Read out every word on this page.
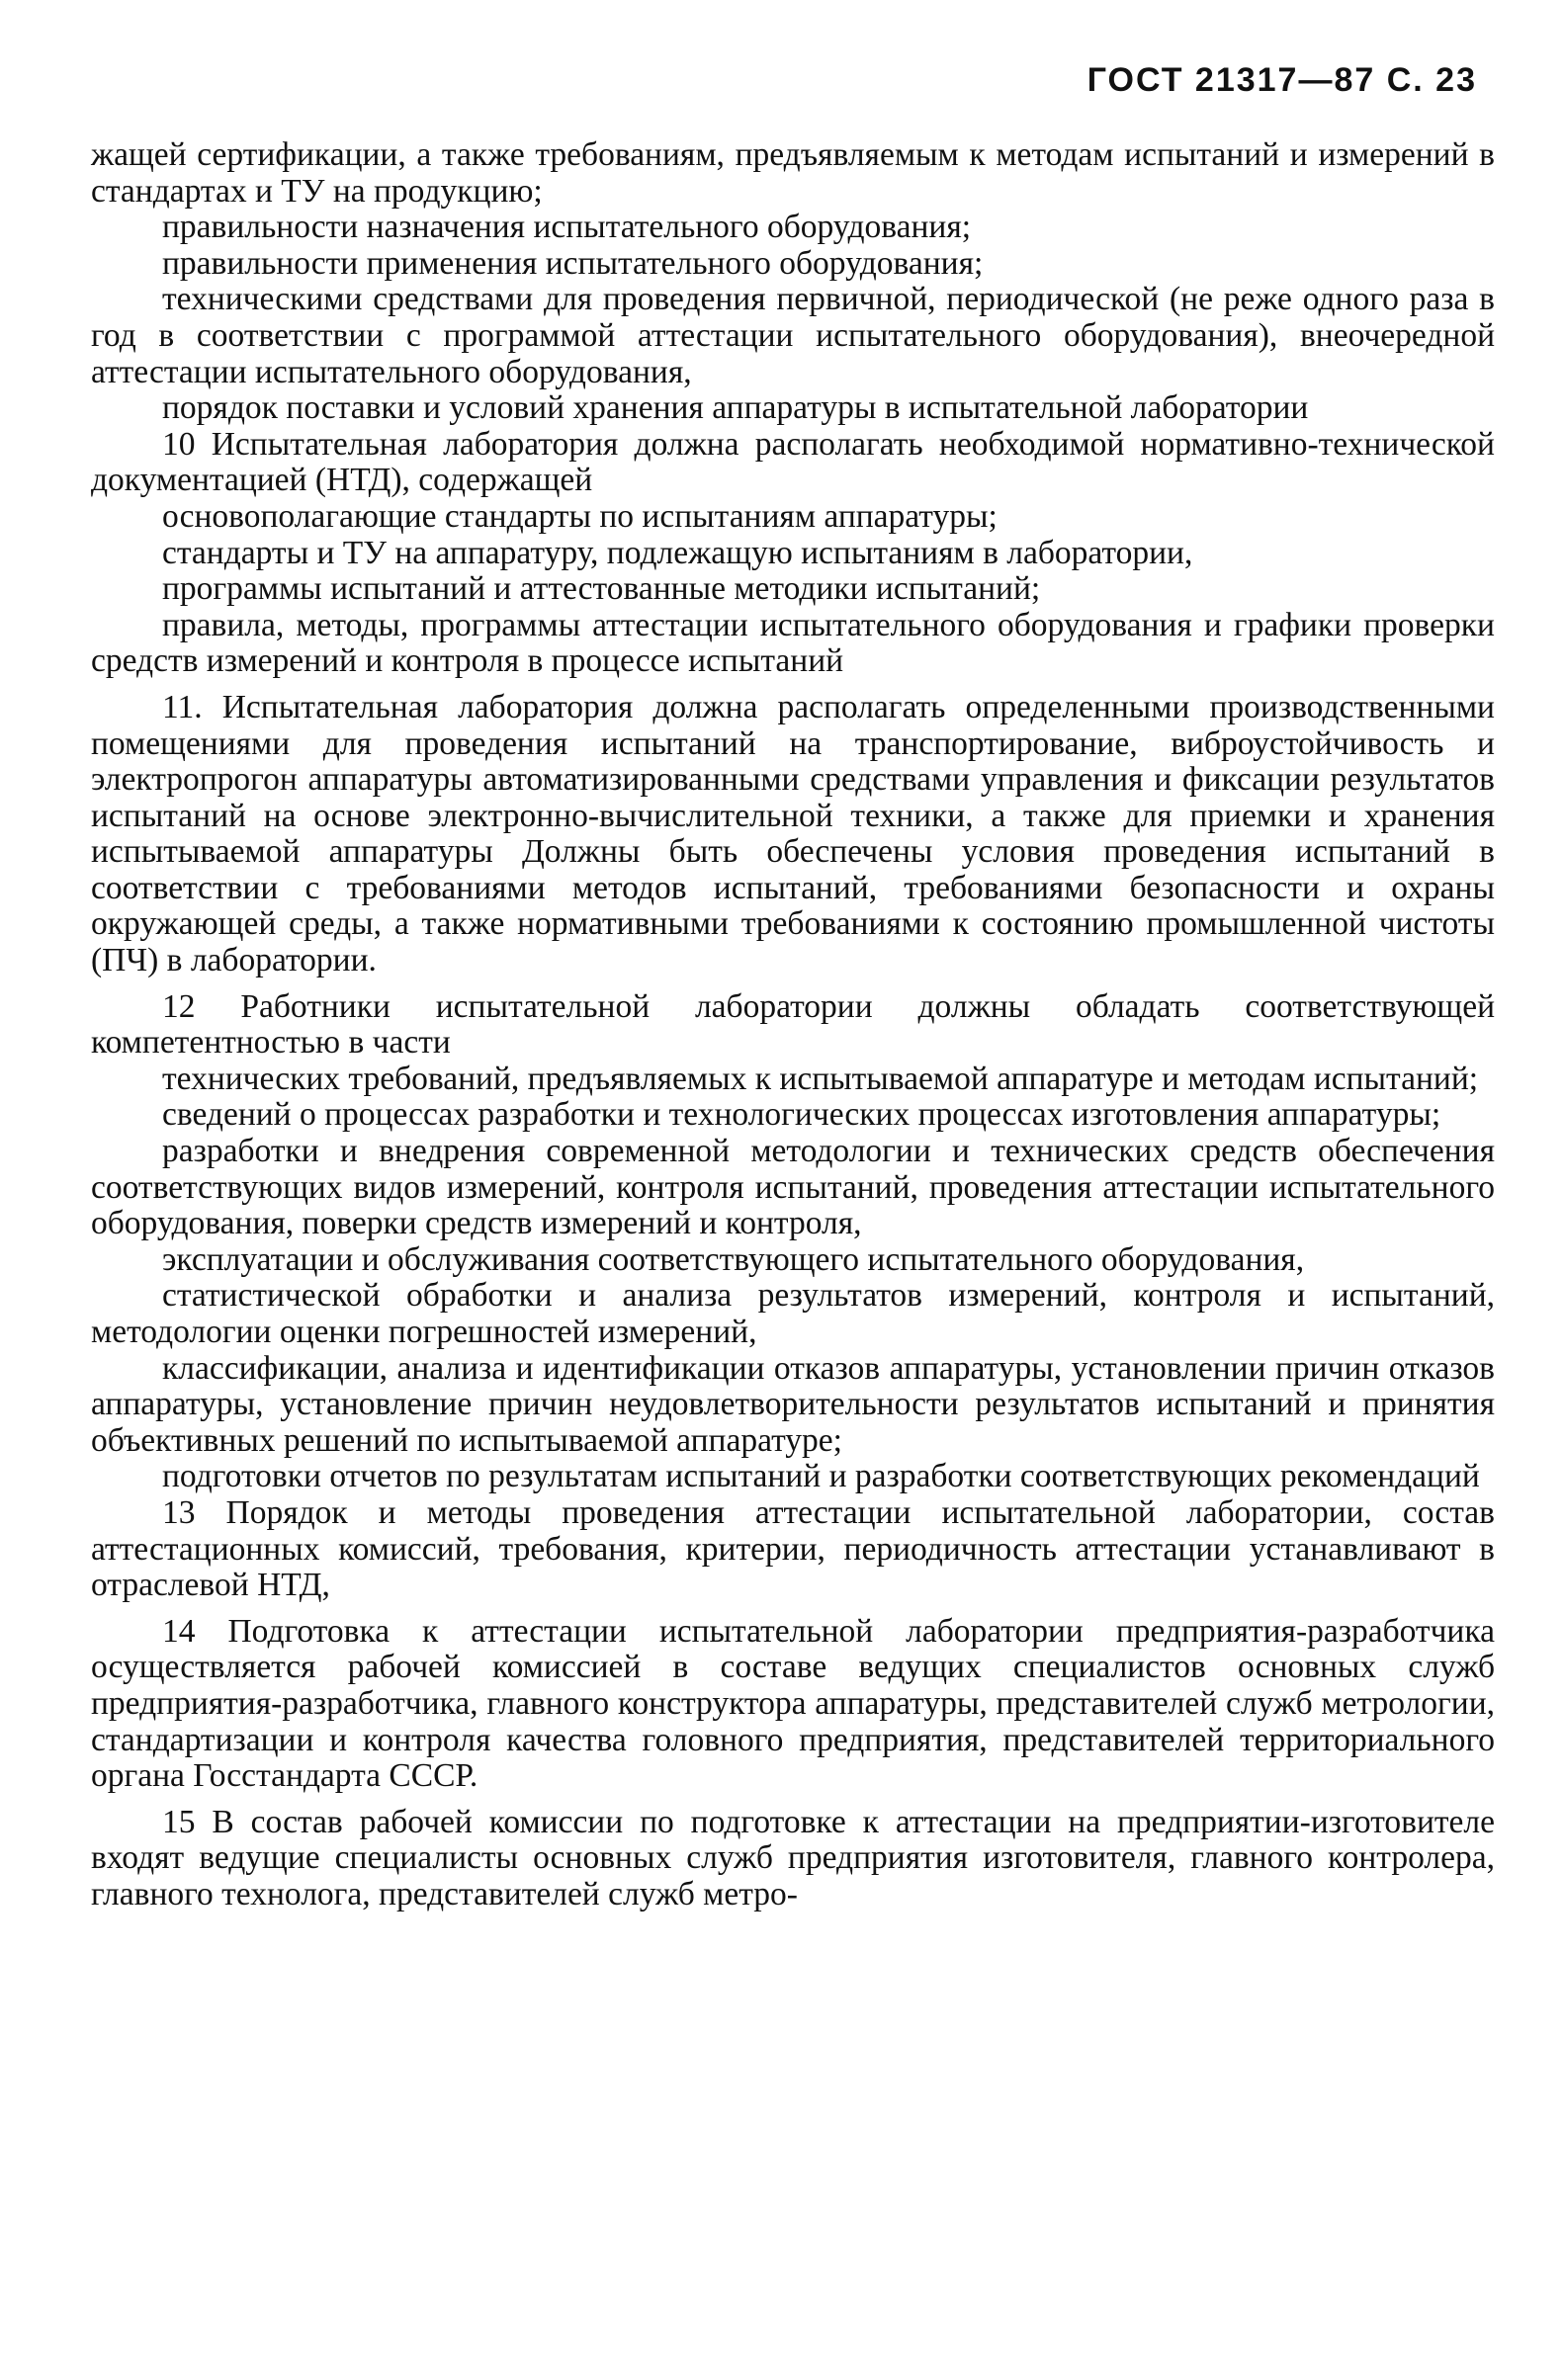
ГОСТ 21317—87 С. 23

жащей сертификации, а также требованиям, предъявляемым к методам испытаний и измерений в стандартах и ТУ на продукцию;

правильности назначения испытательного оборудования;

правильности применения испытательного оборудования;

техническими средствами для проведения первичной, периодической (не реже одного раза в год в соответствии с программой аттестации испытательного оборудования), внеочередной аттестации испытательного оборудования,

порядок поставки и условий хранения аппаратуры в испытательной лаборатории

10 Испытательная лаборатория должна располагать необходимой нормативно-технической документацией (НТД), содержащей

основополагающие стандарты по испытаниям аппаратуры;

стандарты и ТУ на аппаратуру, подлежащую испытаниям в лаборатории,

программы испытаний и аттестованные методики испытаний;

правила, методы, программы аттестации испытательного оборудования и графики проверки средств измерений и контроля в процессе испытаний

11. Испытательная лаборатория должна располагать определенными производственными помещениями для проведения испытаний на транспортирование, виброустойчивость и электропрогон аппаратуры автоматизированными средствами управления и фиксации результатов испытаний на основе электронно-вычислительной техники, а также для приемки и хранения испытываемой аппаратуры Должны быть обеспечены условия проведения испытаний в соответствии с требованиями методов испытаний, требованиями безопасности и охраны окружающей среды, а также нормативными требованиями к состоянию промышленной чистоты (ПЧ) в лаборатории.

12 Работники испытательной лаборатории должны обладать соответствующей компетентностью в части

технических требований, предъявляемых к испытываемой аппаратуре и методам испытаний;

сведений о процессах разработки и технологических процессах изготовления аппаратуры;

разработки и внедрения современной методологии и технических средств обеспечения соответствующих видов измерений, контроля испытаний, проведения аттестации испытательного оборудования, поверки средств измерений и контроля,

эксплуатации и обслуживания соответствующего испытательного оборудования,

статистической обработки и анализа результатов измерений, контроля и испытаний, методологии оценки погрешностей измерений,

классификации, анализа и идентификации отказов аппаратуры, установлении причин отказов аппаратуры, установление причин неудовлетворительности результатов испытаний и принятия объективных решений по испытываемой аппаратуре;

подготовки отчетов по результатам испытаний и разработки соответствующих рекомендаций

13 Порядок и методы проведения аттестации испытательной лаборатории, состав аттестационных комиссий, требования, критерии, периодичность аттестации устанавливают в отраслевой НТД,

14 Подготовка к аттестации испытательной лаборатории предприятия-разработчика осуществляется рабочей комиссией в составе ведущих специалистов основных служб предприятия-разработчика, главного конструктора аппаратуры, представителей служб метрологии, стандартизации и контроля качества головного предприятия, представителей территориального органа Госстандарта СССР.

15 В состав рабочей комиссии по подготовке к аттестации на предприятии-изготовителе входят ведущие специалисты основных служб предприятия изготовителя, главного контролера, главного технолога, представителей служб метро-
